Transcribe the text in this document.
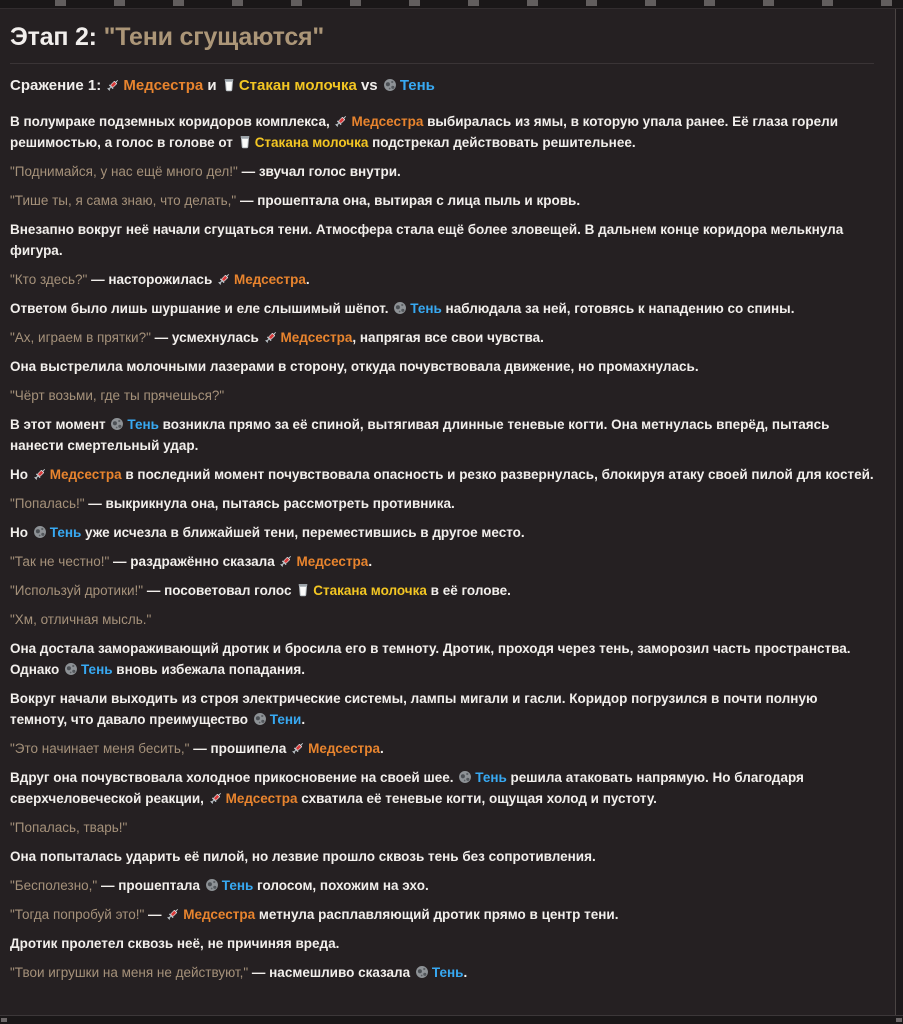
Этап 2: "Тени сгущаются"
Сражение 1: Медсестра и Стакан молочка vs Тень

В полумраке подземных коридоров комплекса, Медсестра выбиралась из ямы, в которую упала ранее. Её глаза горели решимостью, а голос в голове от Стакана молочка подстрекал действовать решительнее.

"Поднимайся, у нас ещё много дел!" — звучал голос внутри.

"Тише ты, я сама знаю, что делать," — прошептала она, вытирая с лица пыль и кровь.

Внезапно вокруг неё начали сгущаться тени. Атмосфера стала ещё более зловещей. В дальнем конце коридора мелькнула фигура.

"Кто здесь?" — насторожилась Медсестра.

Ответом было лишь шуршание и еле слышимый шёпот. Тень наблюдала за ней, готовясь к нападению со спины.

"Ах, играем в прятки?" — усмехнулась Медсестра, напрягая все свои чувства.

Она выстрелила молочными лазерами в сторону, откуда почувствовала движение, но промахнулась.

"Чёрт возьми, где ты прячешься?"

В этот момент Тень возникла прямо за её спиной, вытягивая длинные теневые когти. Она метнулась вперёд, пытаясь нанести смертельный удар.

Но Медсестра в последний момент почувствовала опасность и резко развернулась, блокируя атаку своей пилой для костей.

"Попалась!" — выкрикнула она, пытаясь рассмотреть противника.

Но Тень уже исчезла в ближайшей тени, переместившись в другое место.

"Так не честно!" — раздражённо сказала Медсестра.

"Используй дротики!" — посоветовал голос Стакана молочка в её голове.

"Хм, отличная мысль."

Она достала замораживающий дротик и бросила его в темноту. Дротик, проходя через тень, заморозил часть пространства. Однако Тень вновь избежала попадания.

Вокруг начали выходить из строя электрические системы, лампы мигали и гасли. Коридор погрузился в почти полную темноту, что давало преимущество Тени.

"Это начинает меня бесить," — прошипела Медсестра.

Вдруг она почувствовала холодное прикосновение на своей шее. Тень решила атаковать напрямую. Но благодаря сверхчеловеческой реакции, Медсестра схватила её теневые когти, ощущая холод и пустоту.

"Попалась, тварь!"

Она попыталась ударить её пилой, но лезвие прошло сквозь тень без сопротивления.

"Бесполезно," — прошептала Тень голосом, похожим на эхо.

"Тогда попробуй это!" — Медсестра метнула расплавляющий дротик прямо в центр тени.

Дротик пролетел сквозь неё, не причиняя вреда.

"Твои игрушки на меня не действуют," — насмешливо сказала Тень.
